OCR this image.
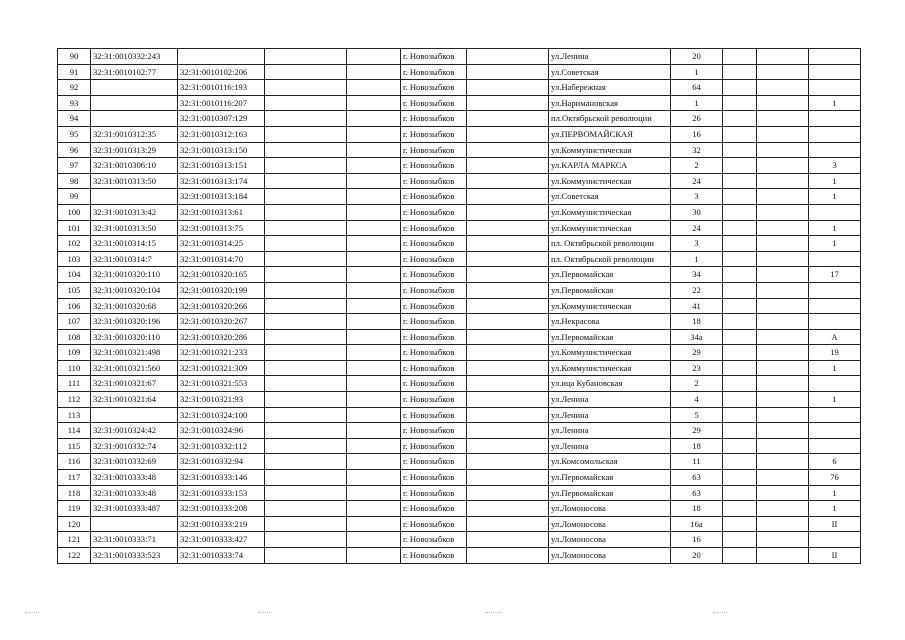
90	32:31:0010332:243				г. Новозыбков		ул.Ленина	20			
91	32:31:0010102:77	32:31:0010102:206			г. Новозыбков		ул.Советская	1			
92		32:31:0010116:193			г. Новозыбков		ул.Набережная	64			
93		32:31:0010116:207			г. Новозыбков		ул.Наримановская	1			1
94		32:31:0010307:129			г. Новозыбков		пл.Октябрьской революции	26			
95	32:31:0010312:35	32:31:0010312:163			г. Новозыбков		ул.ПЕРВОМАЙСКАЯ	16			
96	32:31:0010313:29	32:31:0010313:150			г. Новозыбков		ул.Коммунистическая	32			
97	32:31:0010306:10	32:31:0010313:151			г. Новозыбков		ул.КАРЛА МАРКСА	2			3
98	32:31:0010313:50	32:31:0010313:174			г. Новозыбков		ул.Коммунистическая	24			1
99		32:31:0010313:184			г. Новозыбков		ул.Советская	3			1
100	32:31:0010313:42	32:31:0010313:61			г. Новозыбков		ул.Коммунистическая	30			
101	32:31:0010313:50	32:31:0010313:75			г. Новозыбков		ул.Коммунистическая	24			1
102	32:31:0010314:15	32:31:0010314:25			г. Новозыбков		пл. Октябрьской революции	3			1
103	32:31:0010314:7	32:31:0010314:70			г. Новозыбков		пл. Октябрьской революции	1			
104	32:31:0010320:110	32:31:0010320:165			г. Новозыбков		ул.Первомайская	34			17
105	32:31:0010320:104	32:31:0010320:199			г. Новозыбков		ул.Первомайская	22			
106	32:31:0010320:68	32:31:0010320:266			г. Новозыбков		ул.Коммунистическая	41			
107	32:31:0010320:196	32:31:0010320:267			г. Новозыбков		ул.Некрасова	18			
108	32:31:0010320:110	32:31:0010320:286			г. Новозыбков		ул.Первомайская	34а			А
109	32:31:0010321:498	32:31:0010321:233			г. Новозыбков		ул.Коммунистическая	29			19
110	32:31:0010321:560	32:31:0010321:309			г. Новозыбков		ул.Коммунистическая	23			1
111	32:31:0010321:67	32:31:0010321:553			г. Новозыбков		ул.ица Кубановская	2			
112	32:31:0010321:64	32:31:0010321:93			г. Новозыбков		ул.Ленина	4			1
113		32:31:0010324:100			г. Новозыбков		ул.Ленина	5			
114	32:31:0010324:42	32:31:0010324:96			г. Новозыбков		ул.Ленина	29			
115	32:31:0010332:74	32:31:0010332:112			г. Новозыбков		ул.Ленина	18			
116	32:31:0010332:69	32:31:0010332:94			г. Новозыбков		ул.Комсомольская	11			6
117	32:31:0010333:48	32:31:0010333:146			г. Новозыбков		ул.Первомайская	63			76
118	32:31:0010333:48	32:31:0010333:153			г. Новозыбков		ул.Первомайская	63			1
119	32:31:0010333:487	32:31:0010333:208			г. Новозыбков		ул.Ломоносова	18			1
120		32:31:0010333:219			г. Новозыбков		ул.Ломоносова	16а			II
121	32:31:0010333:71	32:31:0010333:427			г. Новозыбков		ул.Ломоносова	16			
122	32:31:0010333:523	32:31:0010333:74			г. Новозыбков		ул.Ломоносова	20			II
